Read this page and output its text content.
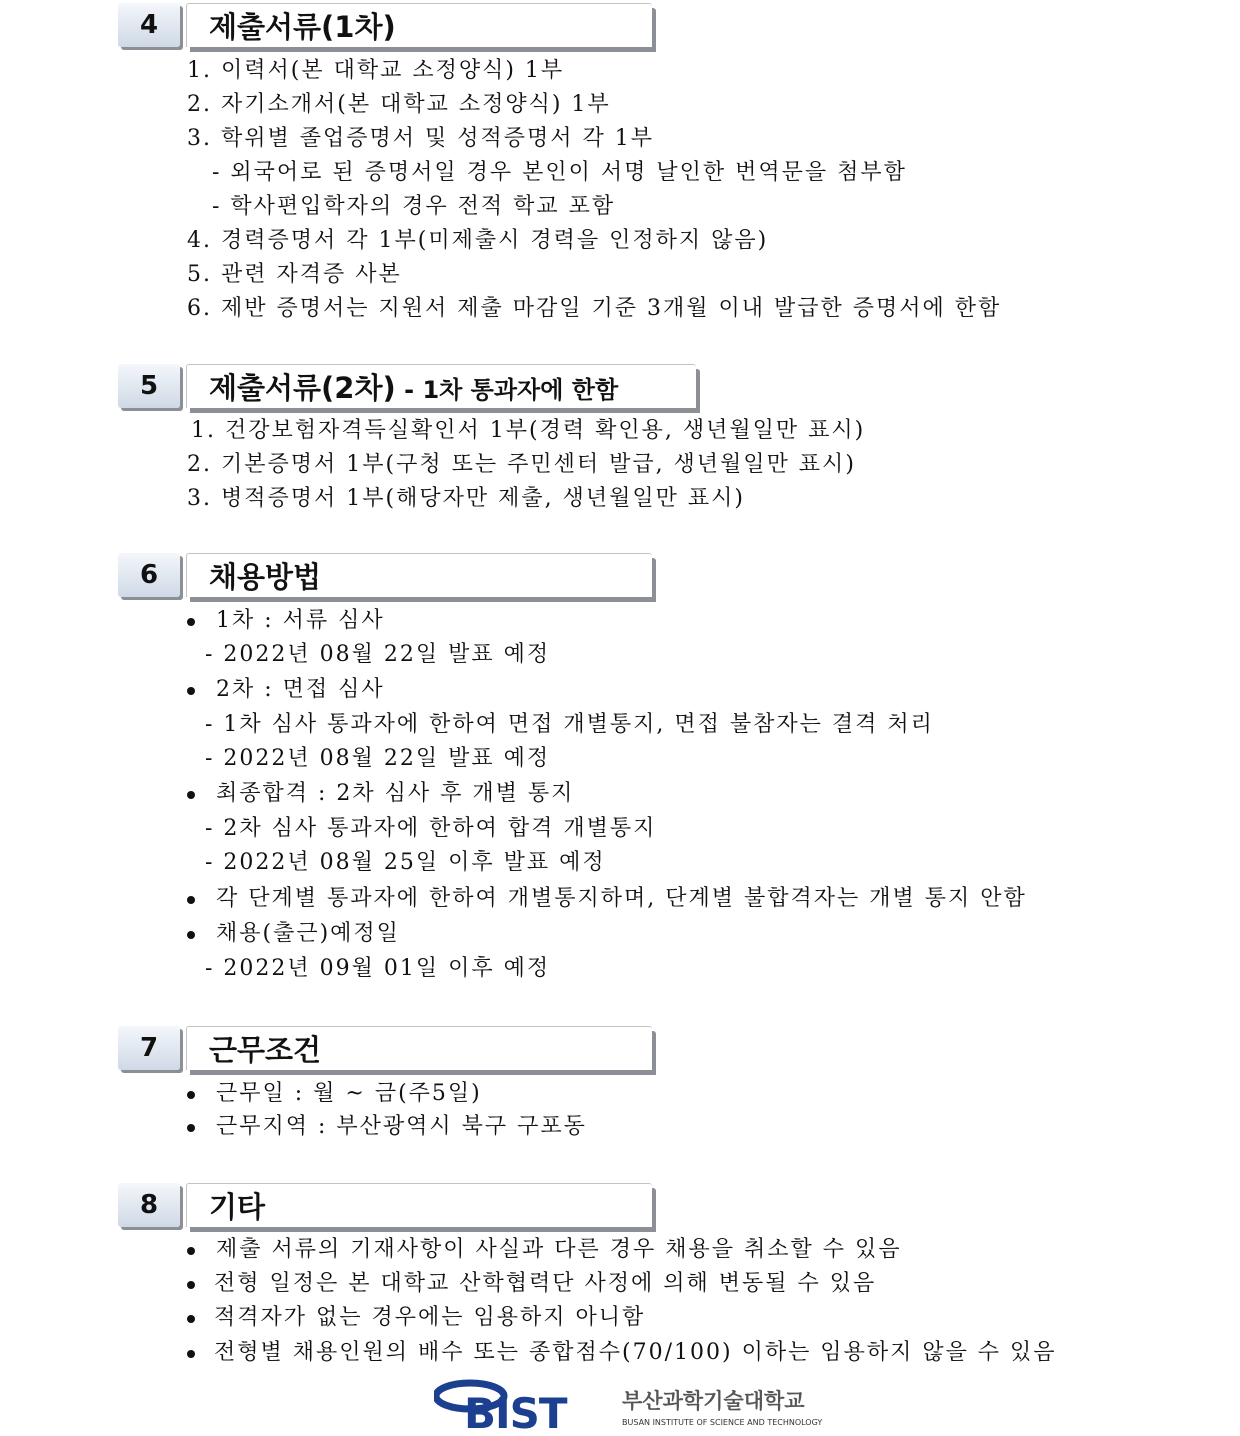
4	제출서류(1차)
1. 이력서(본 대학교 소정양식) 1부
2. 자기소개서(본 대학교 소정양식) 1부
3. 학위별 졸업증명서 및 성적증명서 각 1부
- 외국어로 된 증명서일 경우 본인이 서명 날인한 번역문을 첨부함
- 학사편입학자의 경우 전적 학교 포함
4. 경력증명서 각 1부(미제출시 경력을 인정하지 않음)
5. 관련 자격증 사본
6. 제반 증명서는 지원서 제출 마감일 기준 3개월 이내 발급한 증명서에 한함
5	제출서류(2차) - 1차 통과자에 한함
1. 건강보험자격득실확인서 1부(경력 확인용, 생년월일만 표시)
2. 기본증명서 1부(구청 또는 주민센터 발급, 생년월일만 표시)
3. 병적증명서 1부(해당자만 제출, 생년월일만 표시)
6	채용방법
1차 : 서류 심사
- 2022년 08월 22일 발표 예정
2차 : 면접 심사
- 1차 심사 통과자에 한하여 면접 개별통지, 면접 불참자는 결격 처리
- 2022년 08월 22일 발표 예정
최종합격 : 2차 심사 후 개별 통지
- 2차 심사 통과자에 한하여 합격 개별통지
- 2022년 08월 25일 이후 발표 예정
각 단계별 통과자에 한하여 개별통지하며, 단계별 불합격자는 개별 통지 안함
채용(출근)예정일
- 2022년 09월 01일 이후 예정
7	근무조건
근무일 : 월 ~ 금(주5일)
근무지역 : 부산광역시 북구 구포동
8	기타
제출 서류의 기재사항이 사실과 다른 경우 채용을 취소할 수 있음
전형 일정은 본 대학교 산학협력단 사정에 의해 변동될 수 있음
적격자가 없는 경우에는 임용하지 아니함
전형별 채용인원의 배수 또는 종합점수(70/100) 이하는 임용하지 않을 수 있음
BIST	부산과학기술대학교
BUSAN INSTITUTE OF SCIENCE AND TECHNOLOGY
